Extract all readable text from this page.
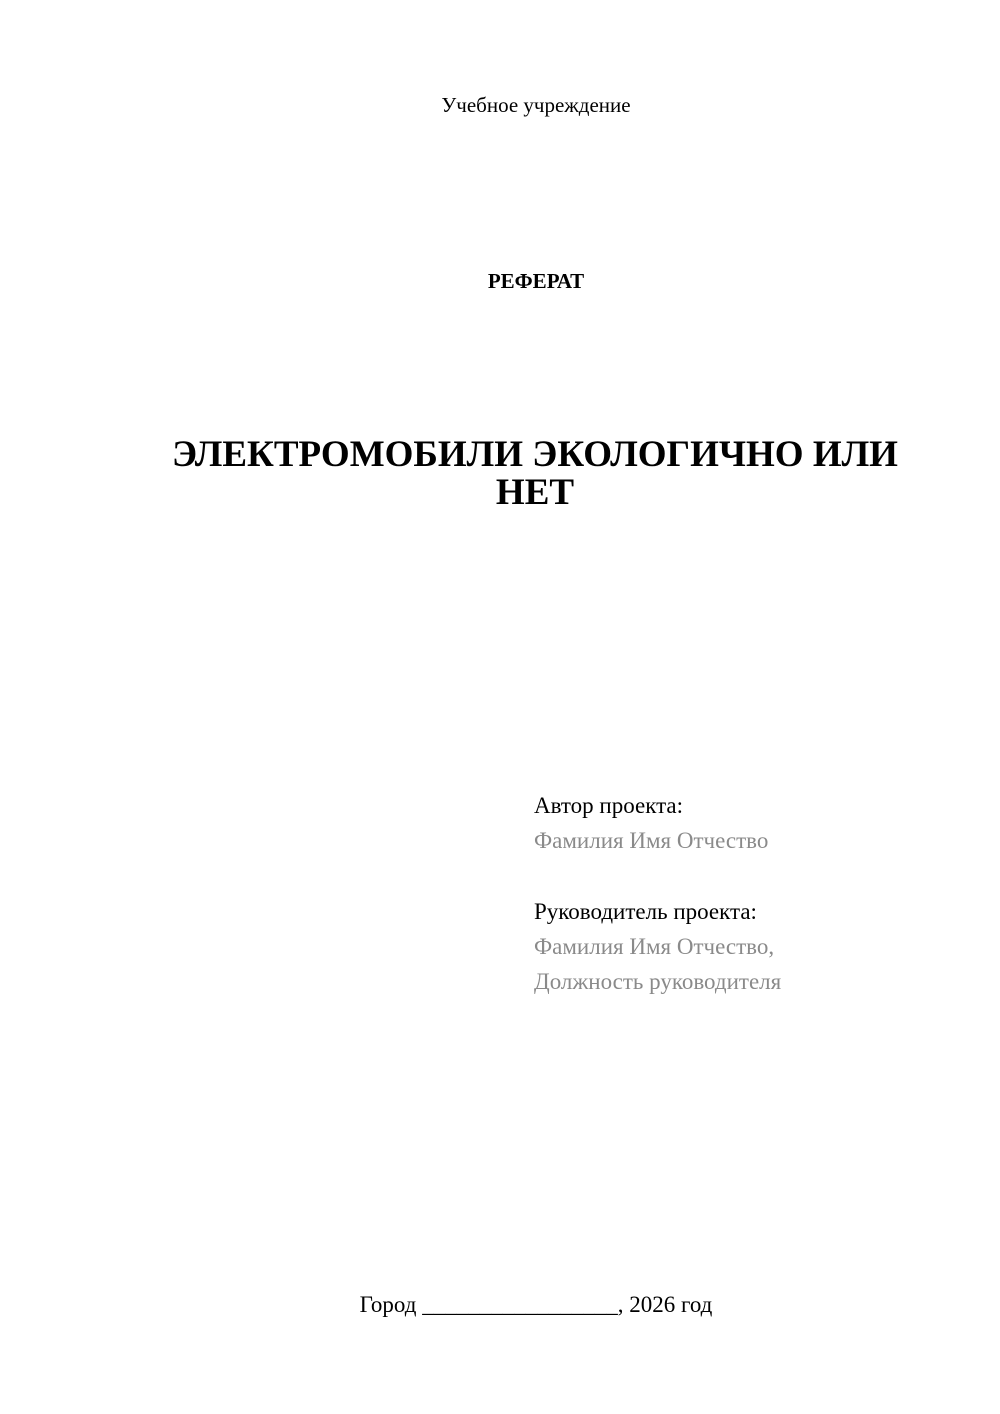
Учебное учреждение
РЕФЕРАТ
ЭЛЕКТРОМОБИЛИ ЭКОЛОГИЧНО ИЛИ НЕТ
Автор проекта:
Фамилия Имя Отчество
Руководитель проекта:
Фамилия Имя Отчество,
Должность руководителя
Город _________________, 2026 год
